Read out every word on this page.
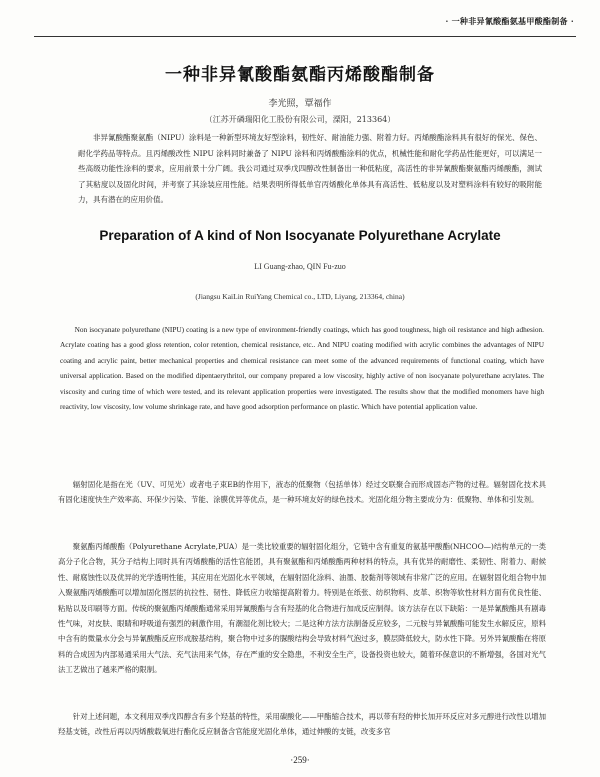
· 一种非异氰酸酯氨基甲酸酯制备 ·
一种非异氰酸酯氨酯丙烯酸酯制备
李光照，覃福作
（江苏开磷瑞阳化工股份有限公司，溧阳，213364）
非异氰酸酯聚氨酯（NIPU）涂料是一种新型环境友好型涂料，韧性好、耐油能力强、附着力好。丙烯酸酯涂料具有很好的保光、保色、耐化学药品等特点。且丙烯酸改性 NIPU 涂料同时兼备了 NIPU 涂料和丙烯酸酯涂料的优点，机械性能和耐化学药品性能更好，可以满足一些高级功能性涂料的要求，应用前景十分广阔。我公司通过双季戊四醇改性制备出一种低粘度，高活性的非异氰酸酯聚氨酯丙烯酸酯，测试了其粘度以及固化时间，并考察了其涂装应用性能。结果表明所得低单官丙烯酸化单体具有高活性、低粘度以及对塑料涂料有较好的吸附能力，具有潜在的应用价值。
Preparation of A kind of Non Isocyanate Polyurethane Acrylate
LI Guang-zhao, QIN Fu-zuo
(Jiangsu KaiLin RuiYang Chemical co., LTD, Liyang, 213364, china)
Non isocyanate polyurethane (NIPU) coating is a new type of environment-friendly coatings, which has good toughness, high oil resistance and high adhesion. Acrylate coating has a good gloss retention, color retention, chemical resistance, etc.. And NIPU coating modified with acrylic combines the advantages of NIPU coating and acrylic paint, better mechanical properties and chemical resistance can meet some of the advanced requirements of functional coating, which have universal application. Based on the modified dipentaerythritol, our company prepared a low viscosity, highly active of non isocyanate polyurethane acrylates. The viscosity and curing time of which were tested, and its relevant application properties were investigated. The results show that the modified monomers have high reactivity, low viscosity, low volume shrinkage rate, and have good adsorption performance on plastic. Which have potential application value.
辐射固化是指在光（UV、可见光）或者电子束EB的作用下，液态的低聚物（包括单体）经过交联聚合而形成固态产物的过程。辐射固化技术具有固化速度快生产效率高、环保少污染、节能、涂膜优异等优点，是一种环境友好的绿色技术。光固化组分物主要成分为：低聚物、单体和引发剂。
聚氨酯丙烯酸酯（Polyurethane Acrylate,PUA）是一类比较重要的辐射固化组分，它链中含有重复的氨基甲酸酯(NHCOO—)结构单元的一类高分子化合物，其分子结构上同时具有丙烯酸酯的活性官能团，具有聚氨酯和丙烯酸酯两种材料的特点，具有优异的耐磨性、柔韧性、附着力、耐候性、耐腐蚀性以及优异的光学透明性能，其应用在光固化水平领域，在辐射固化涂料、油墨、胶黏剂等领域有非常广泛的应用。在辐射固化组合物中加入聚氨酯丙烯酸酯可以增加固化图层的抗拉性、韧性、降低应力收缩提高附着力。特别是在纸张、纺织物料、皮革、织物等软性材料方面有优良性能、粘贴以及印刷等方面。传统的聚氨酯丙烯酸酯通常采用异氰酸酯与含有羟基的化合物进行加成反应制得。该方法存在以下缺陷：一是异氰酸酯具有剧毒性气味，对皮肤、眼睛和呼吸道有强烈的刺激作用，有潮湿化剂比较大；二是这种方法方法制备反应较多，二元胺与异氰酸酯可能发生水解反应，原料中含有的微量水分会与异氰酸酯反应形成胺基结构，聚合物中过多的脲酸结构会导致材料气泡过多，膜层降低较大，防水性下降。另外异氰酸酯在将原料的合成因为内部易通采用大气法、充气法用来气体，存在严重的安全隐患，不利安全生产，设备投资也较大，随着环保意识的不断增强，各国对光气法工艺做出了越来严格的限制。
针对上述问题，本文利用双季戊四醇含有多个羟基的特性，采用碳酸化——甲酯缩合技术，再以带有羟的伸长加开环反应对多元醇进行改性以增加羟基支链，改性后再以丙烯酸载氧进行酯化反应制备含官能度光固化单体，通过伸酸的支链，改变多官
·259·
